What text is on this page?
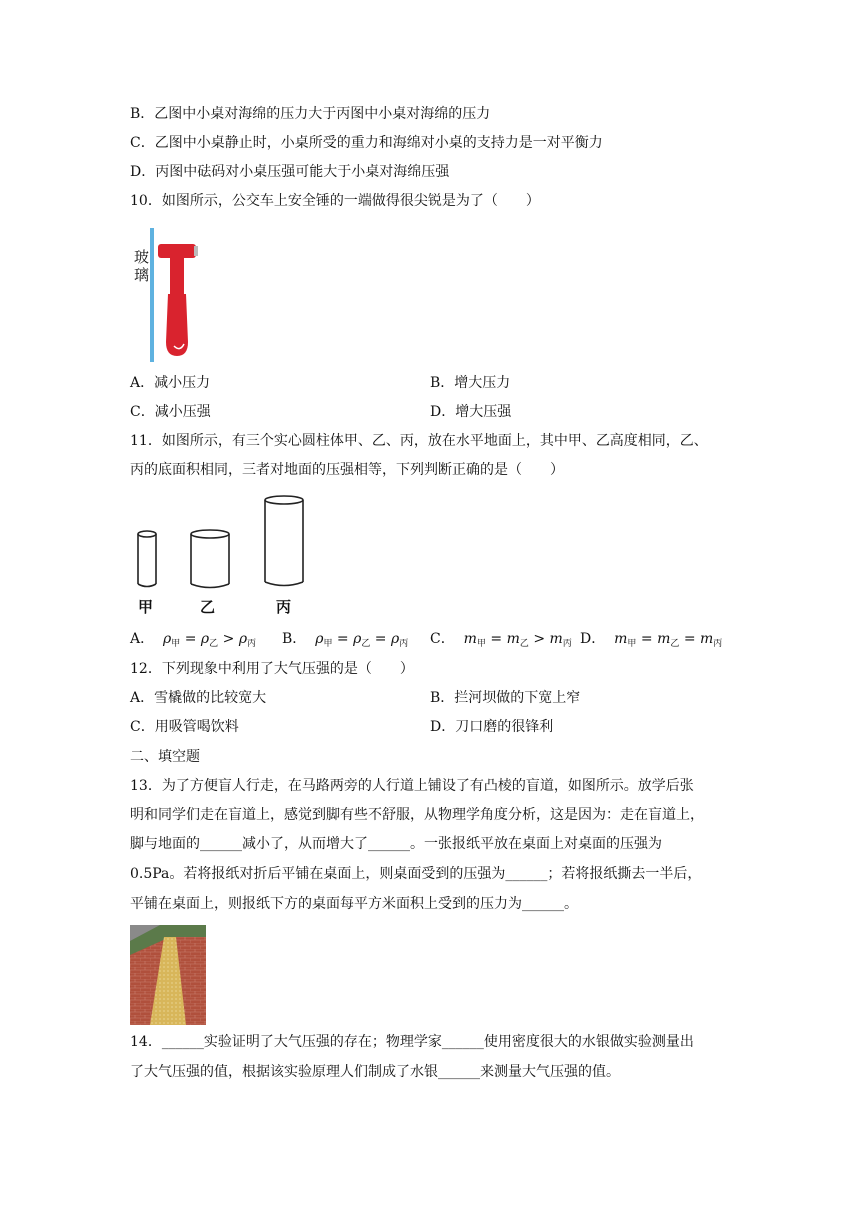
B．乙图中小桌对海绵的压力大于丙图中小桌对海绵的压力
C．乙图中小桌静止时，小桌所受的重力和海绵对小桌的支持力是一对平衡力
D．丙图中砝码对小桌压强可能大于小桌对海绵压强
10．如图所示，公交车上安全锤的一端做得很尖锐是为了（　　）
玻
璃
A．减小压力	B．增大压力
C．减小压强	D．增大压强
11．如图所示，有三个实心圆柱体甲、乙、丙，放在水平地面上，其中甲、乙高度相同，乙、
丙的底面积相同，三者对地面的压强相等，下列判断正确的是（　　）
甲	乙	丙
A． $\rho_甲 = \rho_乙 > \rho_丙$ B． $\rho_甲 = \rho_乙 = \rho_丙$ C． $m_甲 = m_乙 > m_丙$ D． $m_甲 = m_乙 = m_丙$
12．下列现象中利用了大气压强的是（　　）
A．雪橇做的比较宽大	B．拦河坝做的下宽上窄
C．用吸管喝饮料	D．刀口磨的很锋利
二、填空题
13．为了方便盲人行走，在马路两旁的人行道上铺设了有凸棱的盲道，如图所示。放学后张
明和同学们走在盲道上，感觉到脚有些不舒服，从物理学角度分析，这是因为：走在盲道上，
脚与地面的______减小了，从而增大了______。一张报纸平放在桌面上对桌面的压强为
0.5Pa。若将报纸对折后平铺在桌面上，则桌面受到的压强为______；若将报纸撕去一半后，
平铺在桌面上，则报纸下方的桌面每平方米面积上受到的压力为______。
14．______实验证明了大气压强的存在；物理学家______使用密度很大的水银做实验测量出
了大气压强的值，根据该实验原理人们制成了水银______来测量大气压强的值。
